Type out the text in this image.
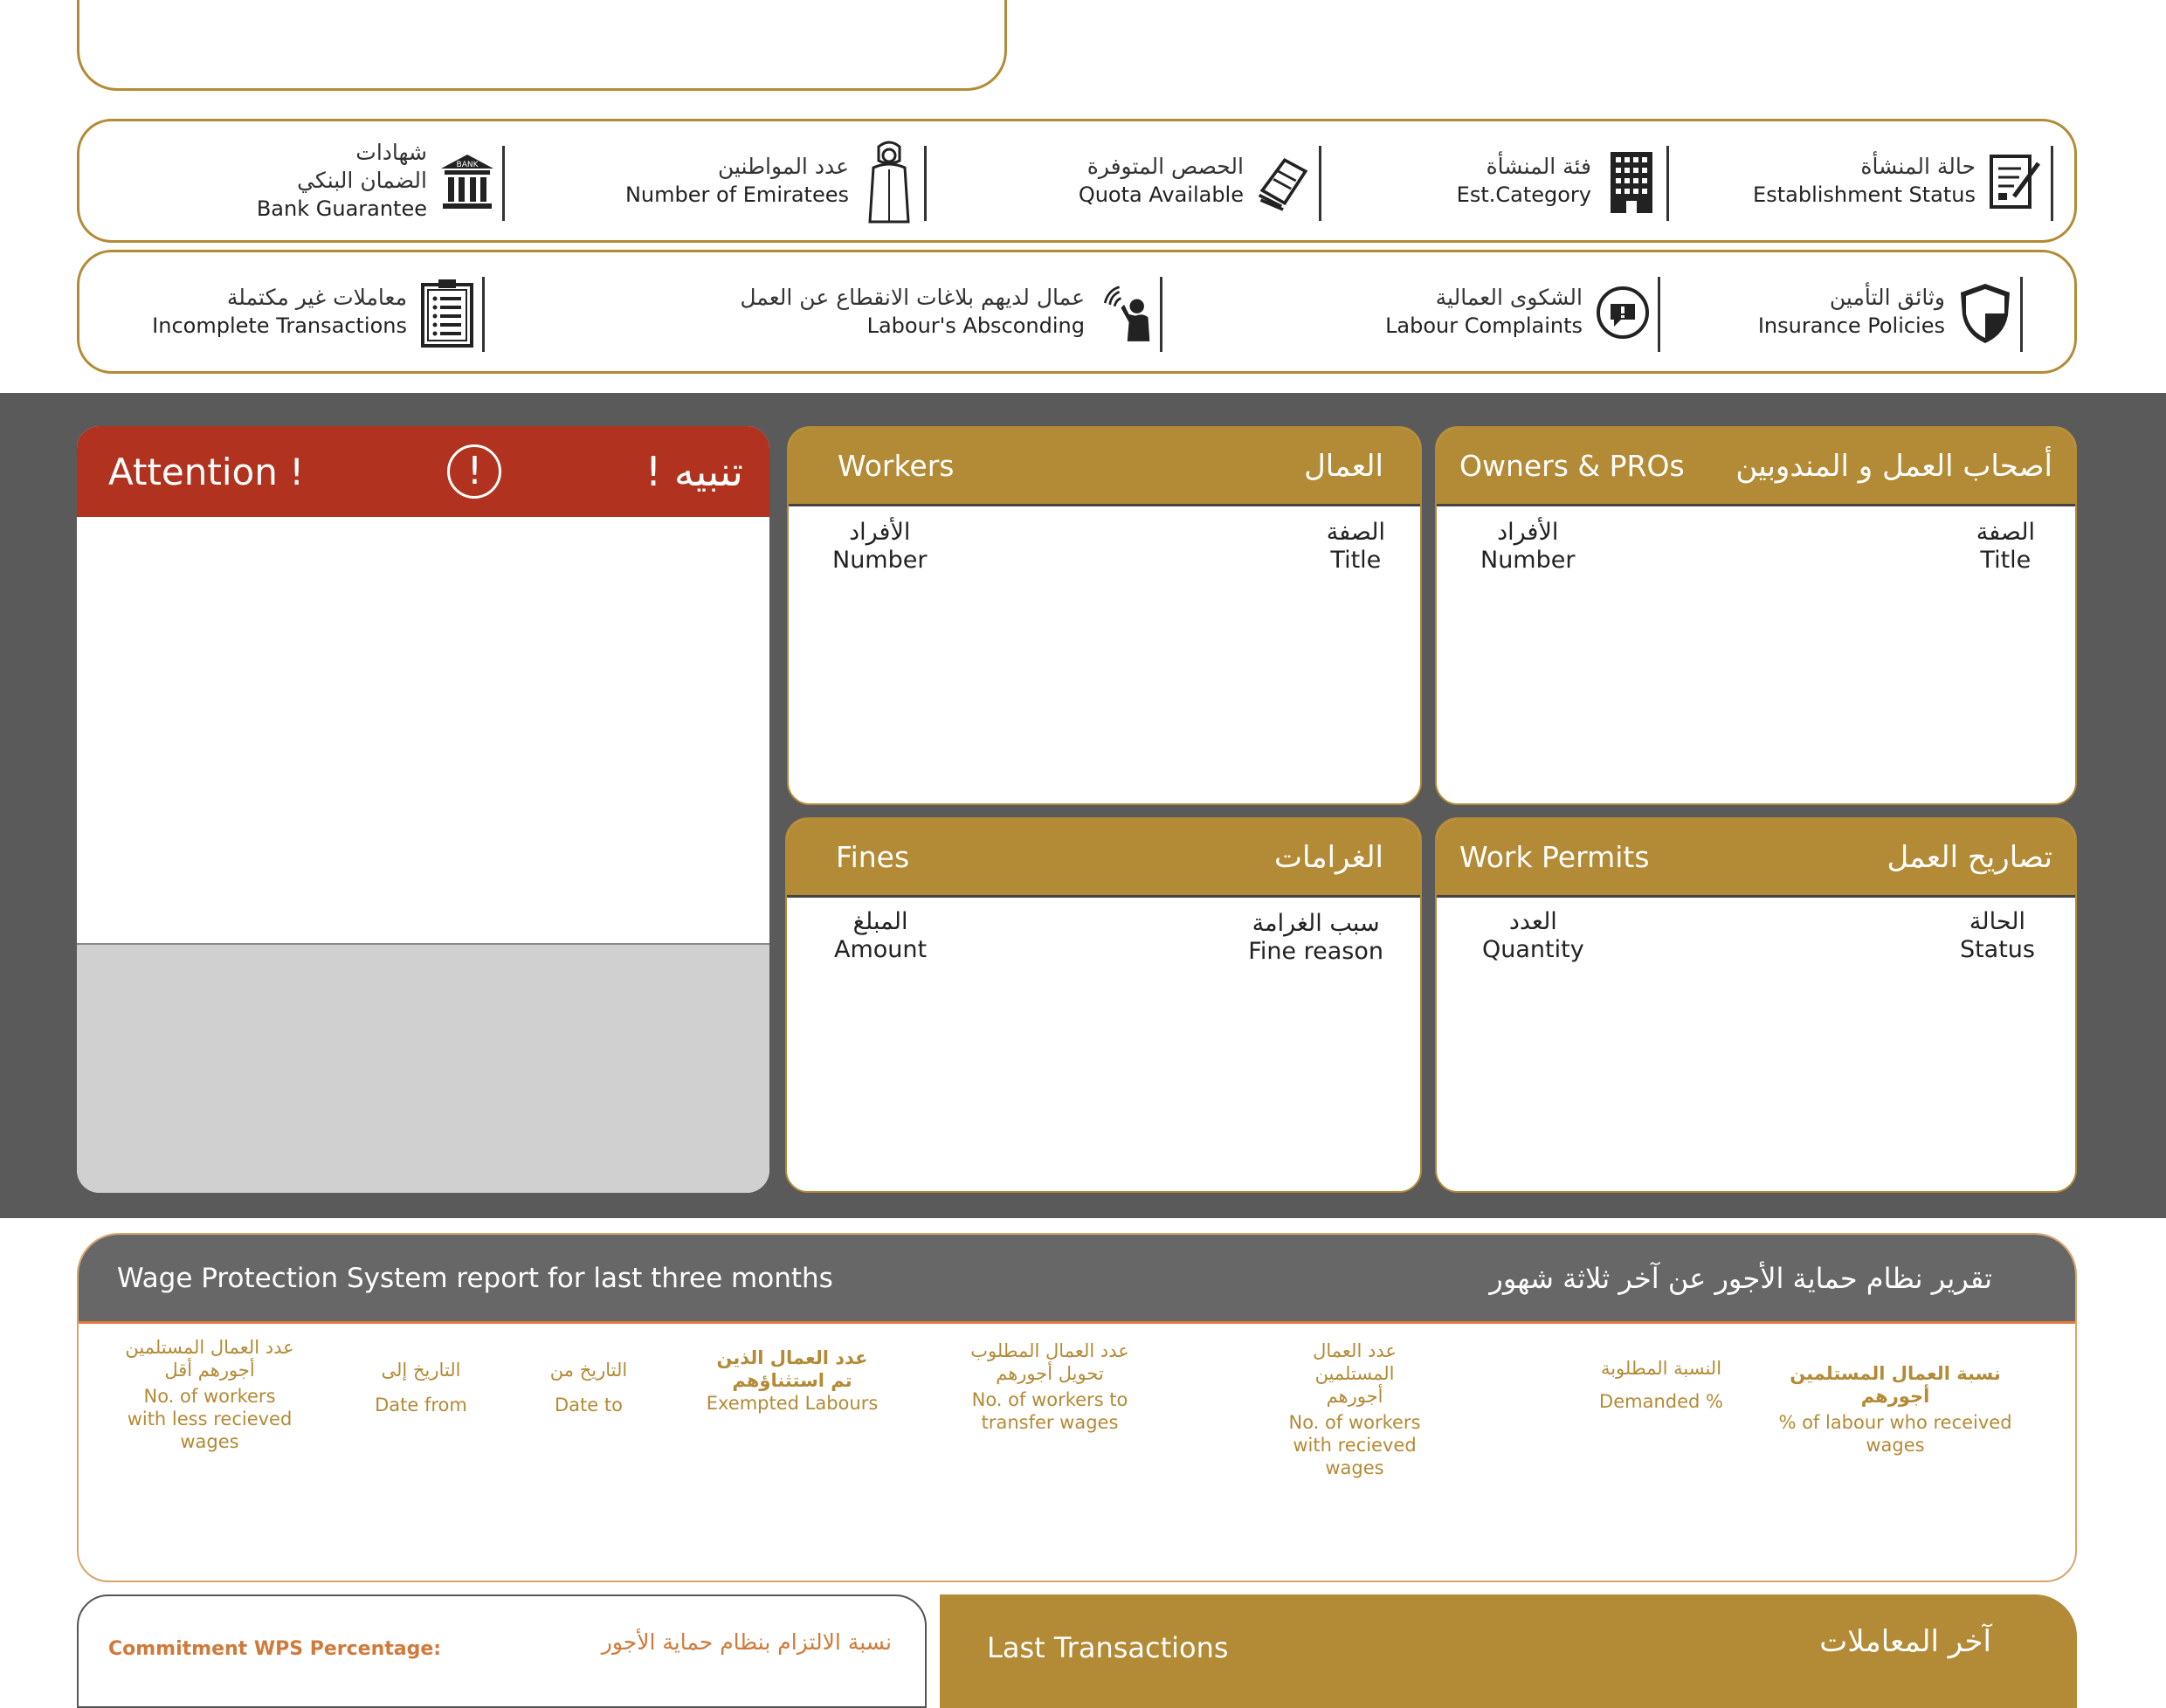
حالة المنشأة
Establishment Status
فئة المنشأة
Est.Category
الحصص المتوفرة
Quota Available
عدد المواطنين
Number of Emiratees
شهادات
الضمان البنكي
Bank Guarantee
BANK
وثائق التأمين
Insurance Policies
الشكوى العمالية
Labour Complaints
عمال لديهم بلاغات الانقطاع عن العمل
Labour's Absconding
معاملات غير مكتملة
Incomplete Transactions
Attention !	!	تنبيه !	Workers	العمال
الصفة
Title
الأفراد
Number
Owners & PROs أصحاب العمل و المندوبين
الصفة
Title
الأفراد
Number
Fines	الغرامات
سبب الغرامة
Fine reason
المبلغ
Amount
Work Permits	تصاريح العمل
الحالة
Status
العدد
Quantity
Wage Protection System report for last three months	تقرير نظام حماية الأجور عن آخر ثلاثة شهور
نسبة العمال المستلمين أجورهم
% of labour who received wages
النسبة المطلوبة
Demanded %
عدد العمال المستلمين أجورهم
No. of workers with recieved wages
عدد العمال المطلوب تحويل أجورهم
No. of workers to transfer wages
عدد العمال الذين تم استثناؤهم
Exempted Labours
التاريخ من
Date to
التاريخ إلى
Date from
عدد العمال المستلمين أجورهم أقل
No. of workers with less recieved wages
Commitment WPS Percentage:	نسبة الالتزام بنظام حماية الأجور	Last Transactions	آخر المعاملات
